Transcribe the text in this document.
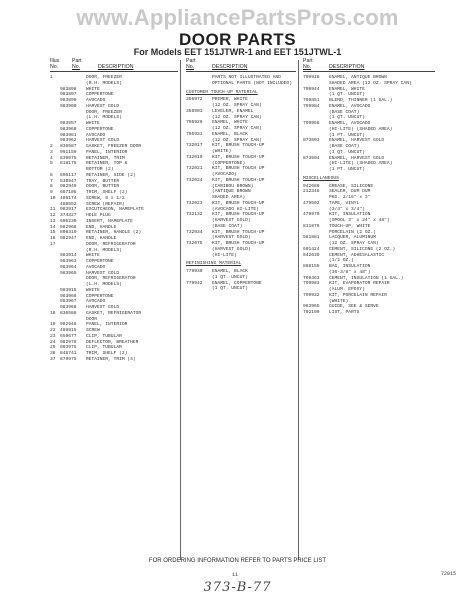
www.AppliancePartsPros.com
DOOR PARTS
For Models EET 151JTWR-1 and EET 151JTWL-1
Illus.	Part
No.	No.	DESCRIPTION
1	DOOR, FREEZER
(R.H. MODELS)
983898	WHITE
983897	COPPERTONE
983899	AVOCADO
983900	HARVEST GOLD
DOOR, FREEZER
(L.H. MODELS)
983957	WHITE
983960	COPPERTONE
983961	AVOCADO
983962	HARVEST GOLD
2	836587	GASKET, FREEZER DOOR
3	991159	PANEL, INTERIOR
4	839975	RETAINER, TRIM
5	818175	RETAINER, TOP &
BOTTOM (2)
6	696117	RETAINER, SIDE (2)
7	530947	TRAY, BUTTER
8	982949	DOOR, BUTTER
9	687105	TRIM, SHELF (2)
10 486174	SCREW, 8 x 1/2
488552	SCREW (REPAIR)
11 983917	ESCUTCHEON, NAMEPLATE
12 374327	HOLE PLUG
13 605230	INSERT, NAMEPLATE
14 982968	END, HANDLE
15 808319	RETAINER, HANDLE (2)
16 982947	END, HANDLE
17	DOOR, REFRIGERATOR
(R.H. MODELS)
983914	WHITE
983963	COPPERTONE
983964	AVOCADO
983965	HARVEST GOLD
DOOR, REFRIGERATOR
(L.H. MODELS)
983915	WHITE
983966	COPPERTONE
983967	AVOCADO
983968	HARVEST GOLD
18 836588	GASKET, REFRIGERATOR
DOOR
19 982948	PANEL, INTERIOR
22 488815	SCREW
23 659677	CLIP, TUBULAR
24 982978	DEFLECTOR, BREATHER
25 603975	CLIP, TUBULAR
36 848741	TRIM, SHELF (2)
37 879975	RETAINER, TRIM (4)
Part
No.	DESCRIPTION
PARTS NOT ILLUSTRATED AND
OPTIONAL PARTS (NOT INCLUDED)
CUSTOMER TOUCH-UP MATERIAL
356972	PRIMER, WHITE
(12 OZ. SPRAY CAN)
356903	LEVELER, ENAMEL
(12 OZ. SPRAY CAN)
795929	ENAMEL, WHITE
(12 OZ. SPRAY CAN)
795931	ENAMEL, BLACK
(12 OZ. SPRAY CAN)
732017	KIT, BRUSH TOUCH-UP
(WHITE)
732019	KIT, BRUSH TOUCH-UP
(COPPERTONE)
732021	KIT, BRUSH TOUCH UP
(AVOCADO)
732024	KIT, BRUSH TOUCH-UP
(CARIBOU BROWN)
(ANTIQUE BROWN
SHADED AREA)
732023	KIT, BRUSH TOUCH-UP
(AVOCADO HI-LITE)
732132	KIT, BRUSH TOUCH-UP
(HARVEST GOLD)
(BASE COAT)
732034	KIT, BRUSH TOUCH-UP
(HARVEST GOLD)
732075	KIT, BRUSH TOUCH-UP
(HARVEST GOLD)
(HI-LITE)
REFINISHING MATERIAL
779930	ENAMEL, BLACK
(1 QT. UNCUT)
779942	ENAMEL, COPPERTONE
(1 QT. UNCUT)
Part
No.	DESCRIPTION
799928	ENAMEL, ANTIQUE BROWN
SHADED AREA (12 OZ. SPRAY CAN)
799944	ENAMEL, WHITE
(1 QT. UNCUT)
799851	BLEND, THINNER (1 GAL.)
799984	ENAMEL, AVOCADO
(BASE COAT)
(1 QT. UNCUT)
799955	ENAMEL, AVOCADO
(HI-LITE) (SHADED AREA)
(1 PT. UNCUT)
873503	ENAMEL, HARVEST GOLD
(BASE COAT)
(1 QT. UNCUT)
873504	ENAMEL, HARVEST GOLD
(HI-LITE) (SHADED AREA)
(1 PT. UNCUT)
MISCELLANEOUS
942686	GREASE, SILICONE
212348	SEALER, DUM DUM
PKG. 3/16" x 3"
479502	TAPE, VINYL
(3/4" x 3/4")
479970	KIT, INSULATION
(SPOOL 3" x 24" x 48")
811876	TOUCH-UP, WHITE
PORCELAIN (2 OZ.)
581881	LACQUER, ALUMINUM
(12 OZ. SPRAY CAN)
601424	CEMENT, SILICONE (2 OZ.)
542639	CEMENT, ADHESALASTIC
(1/2 OZ.)
868155	BAG, INSULATION
(36-3/8" x 48")
799463	CEMENT, INSULATION (1 GAL.)
799983	KIT, EVAPORATOR REPAIR
(ALUM. EPOXY)
799932	KIT, PORCELAIN REPAIR
(WHITE)
983965	GUIDE, SEE & SERVE
702199	LIST, PARTS
FOR ORDERING INFORMATION REFER TO PARTS PRICE LIST
11	72015
373-B-77
